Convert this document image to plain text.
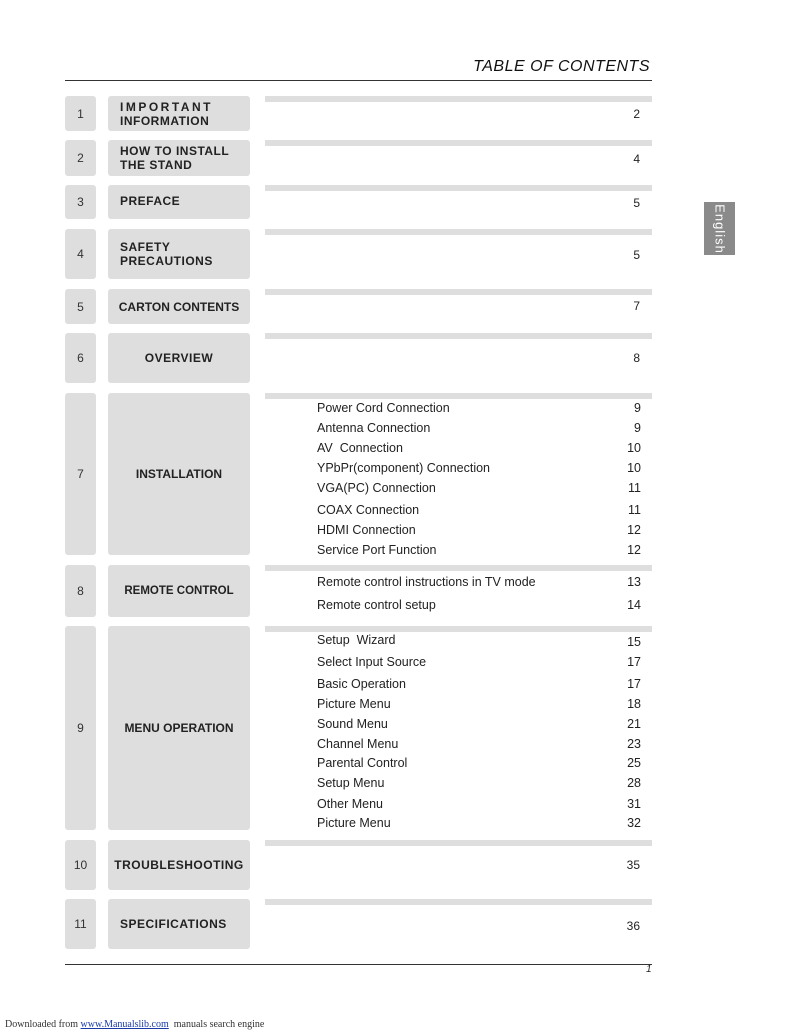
TABLE OF CONTENTS
English
1	IMPORTANT
INFORMATION	2
2	HOW TO INSTALL
THE STAND	4
3	PREFACE	5
4	SAFETY
PRECAUTIONS	5
5	CARTON CONTENTS	7
6	OVERVIEW	8
7	INSTALLATION
Power Cord Connection	9
Antenna Connection	9
AV  Connection	10
YPbPr(component) Connection	10
VGA(PC) Connection	11
COAX Connection	11
HDMI Connection	12
Service Port Function	12
8	REMOTE CONTROL
Remote control instructions in TV mode	13
Remote control setup	14
9	MENU OPERATION
Setup  Wizard	15
Select Input Source	17
Basic Operation	17
Picture Menu	18
Sound Menu	21
Channel Menu	23
Parental Control	25
Setup Menu	28
Other Menu	31
Picture Menu	32
10	TROUBLESHOOTING	35
11	SPECIFICATIONS	36
1
Downloaded from www.Manualslib.com  manuals search engine
